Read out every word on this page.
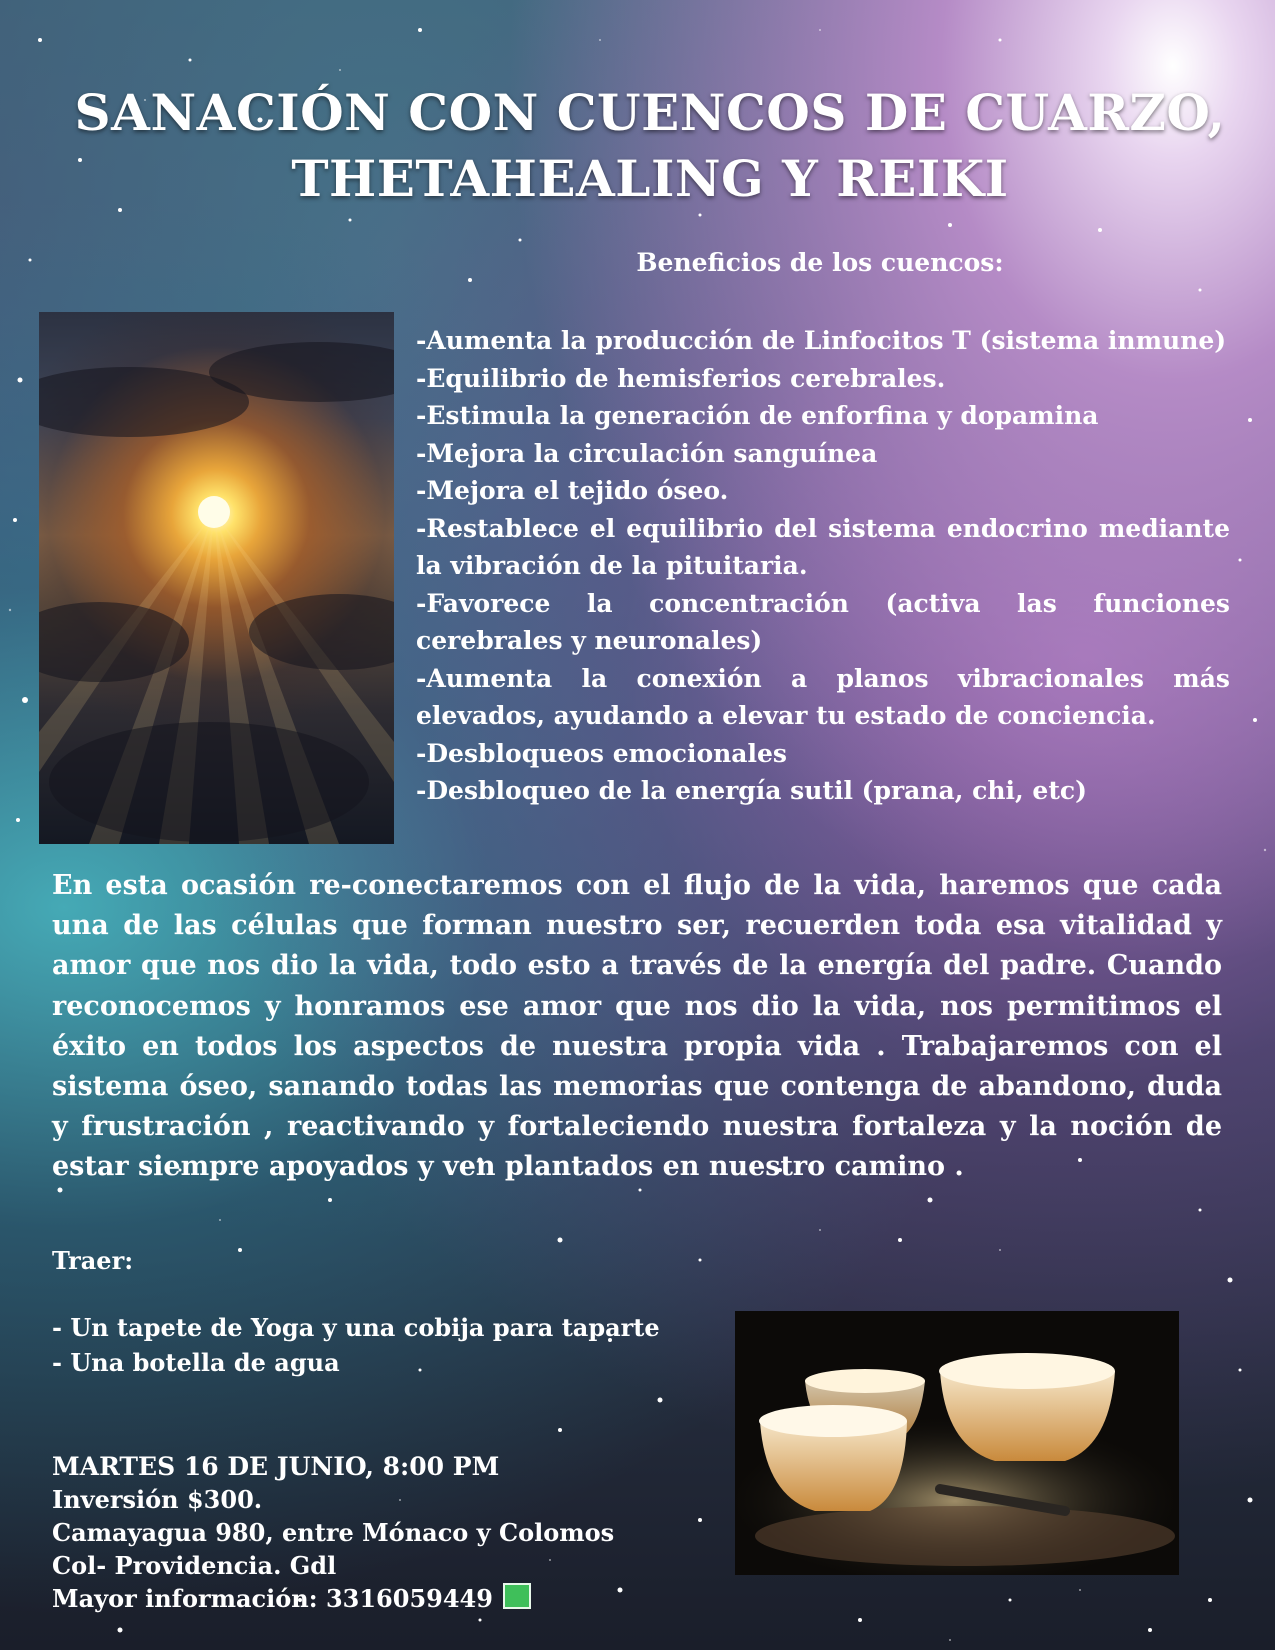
SANACIÓN CON CUENCOS DE CUARZO,
THETAHEALING Y REIKI
Beneficios de los cuencos:
-Aumenta la producción de Linfocitos T (sistema inmune)
-Equilibrio de hemisferios cerebrales.
-Estimula la generación de enforfina y dopamina
-Mejora la circulación sanguínea
-Mejora el tejido óseo.
-Restablece el equilibrio del sistema endocrino mediante la vibración de la pituitaria.
-Favorece la concentración (activa las funciones cerebrales y neuronales)
-Aumenta la conexión a planos vibracionales más elevados, ayudando a elevar tu estado de conciencia.
-Desbloqueos emocionales
-Desbloqueo de la energía sutil (prana, chi, etc)

En esta ocasión re-conectaremos con el flujo de la vida, haremos que cada una de las células que forman nuestro ser, recuerden toda esa vitalidad y amor que nos dio la vida, todo esto a través de la energía del padre. Cuando reconocemos y honramos ese amor que nos dio la vida, nos permitimos el éxito en todos los aspectos de nuestra propia vida . Trabajaremos con el sistema óseo, sanando todas las memorias que contenga de abandono, duda y frustración , reactivando y fortaleciendo nuestra fortaleza y la noción de estar siempre apoyados y ven plantados en nuestro camino .

Traer:
- Un tapete de Yoga y una cobija para taparte
- Una botella de agua
MARTES 16 DE JUNIO, 8:00 PM
Inversión $300.
Camayagua 980, entre Mónaco y Colomos
Col- Providencia. Gdl
Mayor información: 3316059449
